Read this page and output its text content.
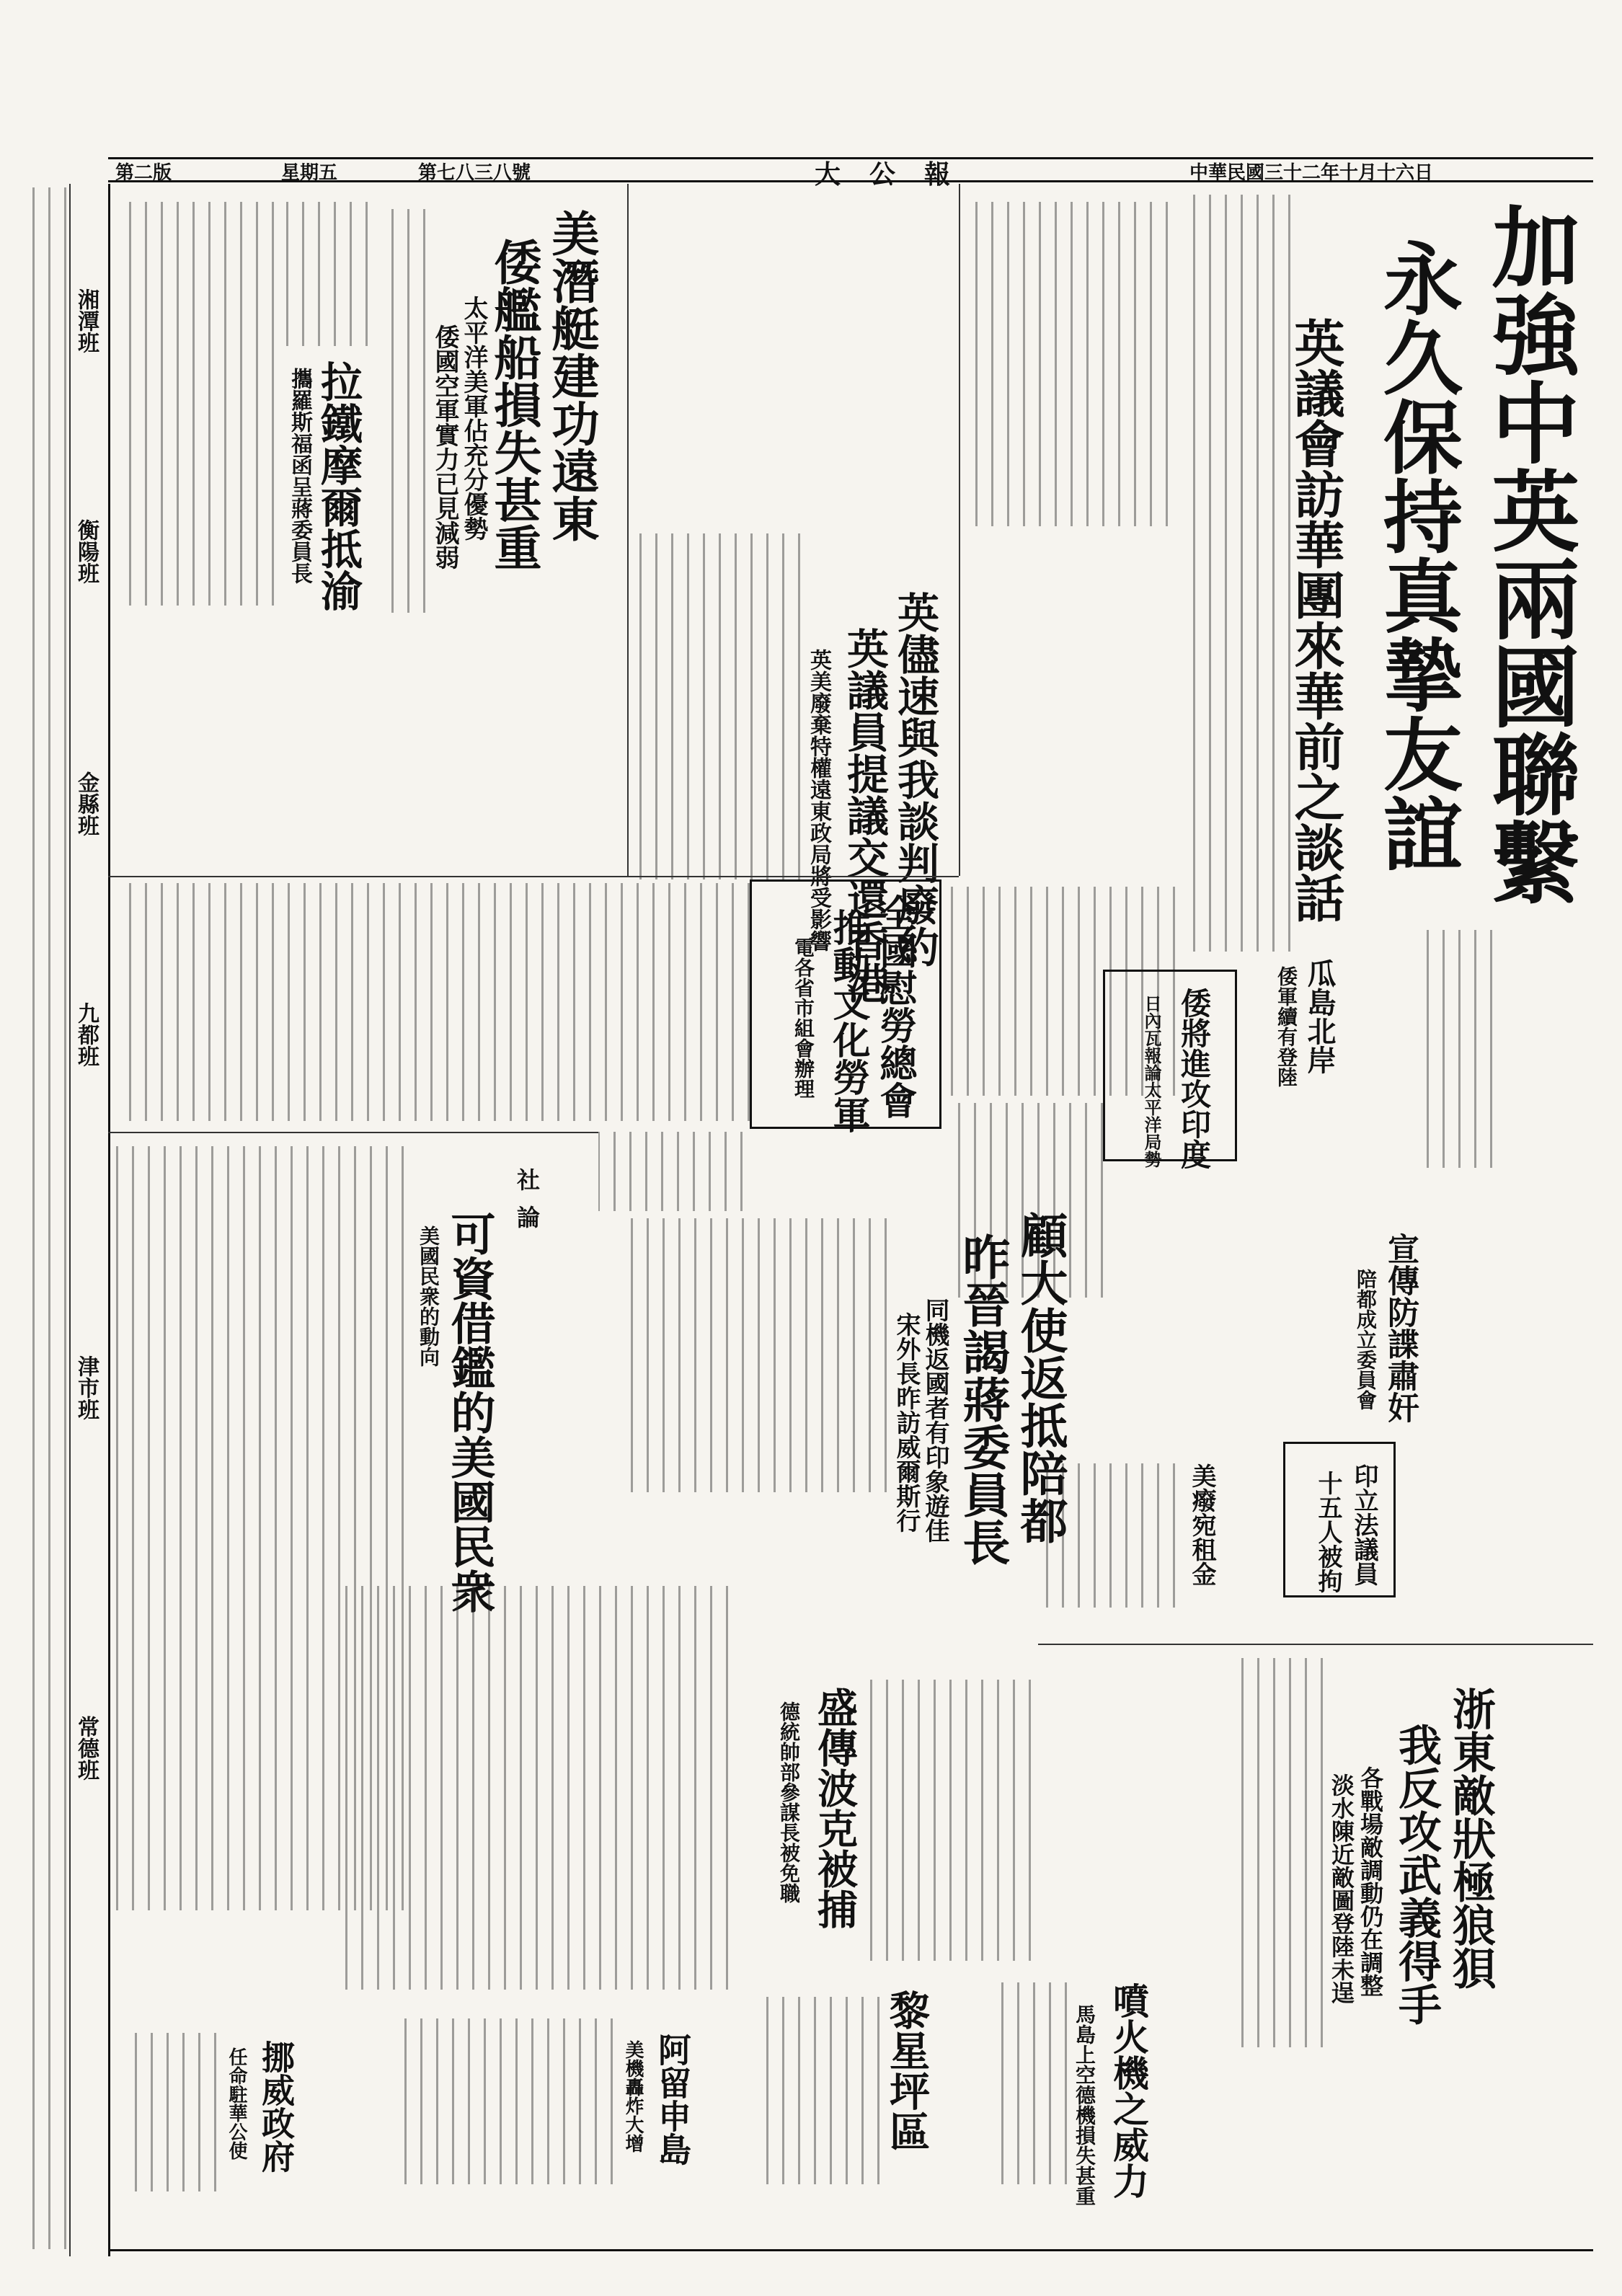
中華民國三十二年十月十六日
大公報
第七八三八號
星期五
第二版
湘潭班
衡陽班
金縣班
九都班
津市班
常德班
加強中英兩國聯繫
永久保持真摯友誼
英議會訪華團來華前之談話
英儘速與我談判廢約
英議員提議交還香港
英美廢棄特權遠東政局將受影響
美潛艇建功遠東
倭艦船損失甚重
太平洋美軍佔充分優勢
倭國空軍實力已見減弱
拉鐵摩爾抵渝
攜羅斯福函呈蔣委員長
全國慰勞總會
推動文化勞軍
電各省市組會辦理
宣傳防諜肅奸
陪都成立委員會
瓜島北岸
倭軍續有登陸
倭將進攻印度
日內瓦報論太平洋局勢
顧大使返抵陪都
昨晉謁蔣委員長
同機返國者有印象遊佳
宋外長昨訪威爾斯行
社論
可資借鑑的美國民衆
美國民衆的動向
浙東敵狀極狼狽
我反攻武義得手
各戰場敵調動仍在調整
淡水陳近敵圖登陸未逞
噴火機之威力
馬島上空德機損失甚重
印立法議員
十五人被拘
美癈宛租金
盛傳波克被捕
德統帥部參謀長被免職
黎星坪區
阿留申島
美機轟炸大增
挪威政府
任命駐華公使
